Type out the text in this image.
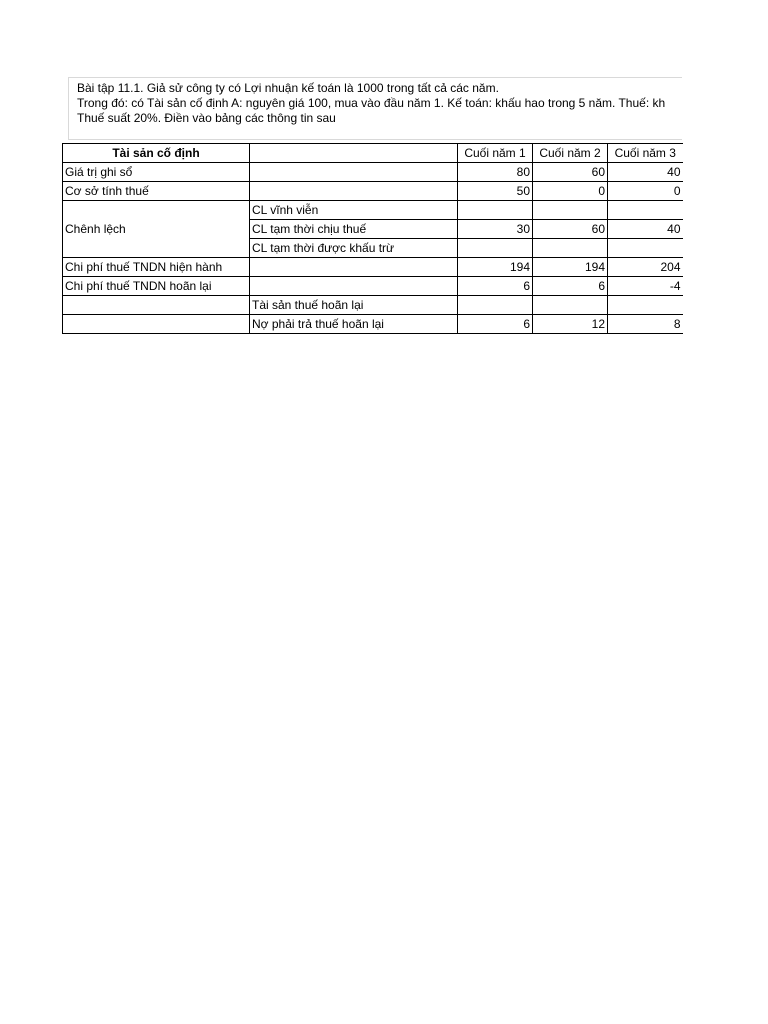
Bài tập 11.1. Giả sử công ty có Lợi nhuận kế toán là 1000 trong tất cả các năm.
Trong đó: có Tài sản cố định A: nguyên giá 100, mua vào đầu năm 1. Kế toán: khấu hao trong 5 năm. Thuế: kh
Thuế suất 20%. Điền vào bảng các thông tin sau
Tài sản cố định		Cuối năm 1	Cuối năm 2	Cuối năm 3
Giá trị ghi sổ		80	60	40
Cơ sở tính thuế		50	0	0
Chênh lệch	CL vĩnh viễn			
	CL tạm thời chịu thuế	30	60	40
	CL tạm thời được khấu trừ			
Chi phí thuế TNDN hiện hành		194	194	204
Chi phí thuế TNDN hoãn lại		6	6	-4
	Tài sản thuế hoãn lại			
	Nợ phải trả thuế hoãn lại	6	12	8
